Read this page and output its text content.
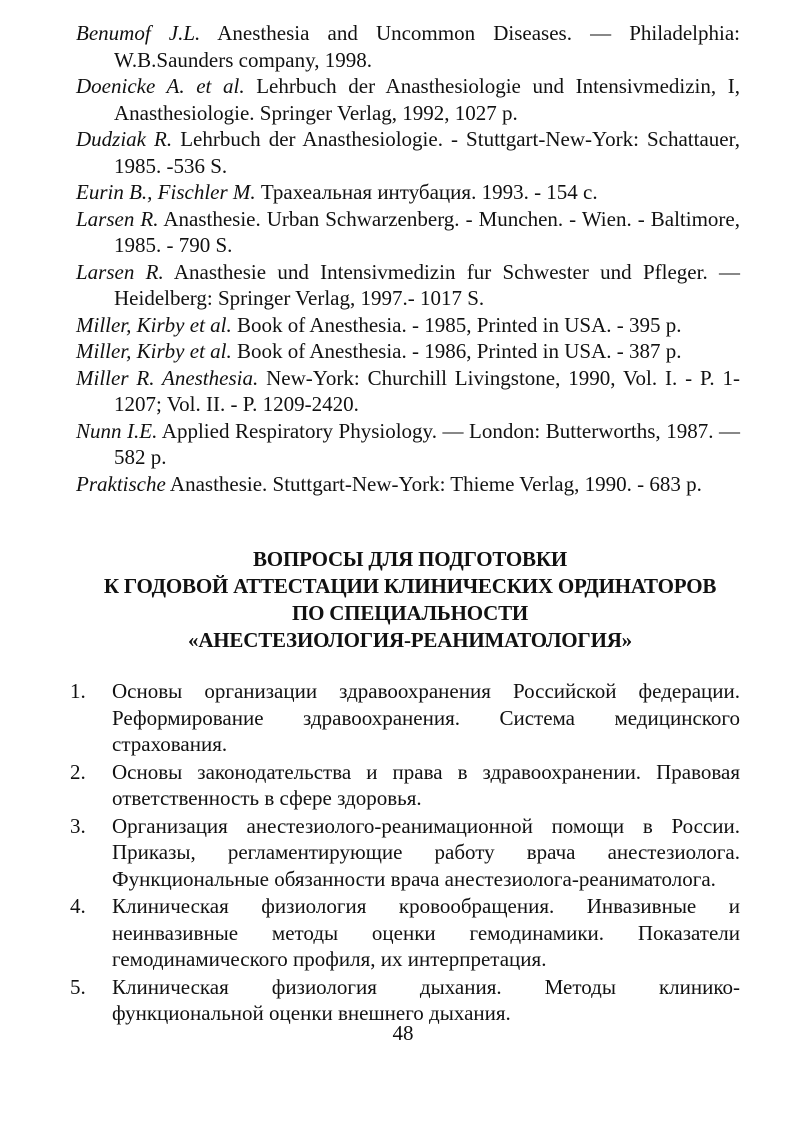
Benumof J.L. Anesthesia and Uncommon Diseases. — Philadelphia: W.B.Saunders company, 1998.
Doenicke A. et al. Lehrbuch der Anasthesiologie und Intensivmedizin, I, Anasthesiologie. Springer Verlag, 1992, 1027 p.
Dudziak R. Lehrbuch der Anasthesiologie. - Stuttgart-New-York: Schattauer, 1985. -536 S.
Eurin B., Fischler M. Трахеальная интубация. 1993. - 154 с.
Larsen R. Anasthesie. Urban Schwarzenberg. - Munchen. - Wien. - Baltimore, 1985. - 790 S.
Larsen R. Anasthesie und Intensivmedizin fur Schwester und Pfleger. — Heidelberg: Springer Verlag, 1997.- 1017 S.
Miller, Kirby et al. Book of Anesthesia. - 1985, Printed in USA. - 395 p.
Miller, Kirby et al. Book of Anesthesia. - 1986, Printed in USA. - 387 p.
Miller R. Anesthesia. New-York: Churchill Livingstone, 1990, Vol. I. - P. 1-1207; Vol. II. - P. 1209-2420.
Nunn I.E. Applied Respiratory Physiology. — London: Butterworths, 1987. — 582 p.
Praktische Anasthesie. Stuttgart-New-York: Thieme Verlag, 1990. - 683 p.
ВОПРОСЫ ДЛЯ ПОДГОТОВКИ
К ГОДОВОЙ АТТЕСТАЦИИ КЛИНИЧЕСКИХ ОРДИНАТОРОВ
ПО СПЕЦИАЛЬНОСТИ
«АНЕСТЕЗИОЛОГИЯ-РЕАНИМАТОЛОГИЯ»
1.	Основы организации здравоохранения Российской федерации. Реформирование здравоохранения. Система медицинского страхования.
2.	Основы законодательства и права в здравоохранении. Правовая ответственность в сфере здоровья.
3.	Организация анестезиолого-реанимационной помощи в России. Приказы, регламентирующие работу врача анестезиолога. Функциональные обязанности врача анестезиолога-реаниматолога.
4.	Клиническая физиология кровообращения. Инвазивные и неинвазивные методы оценки гемодинамики. Показатели гемодинамического профиля, их интерпретация.
5.	Клиническая физиология дыхания. Методы клинико-функциональной оценки внешнего дыхания.
48
